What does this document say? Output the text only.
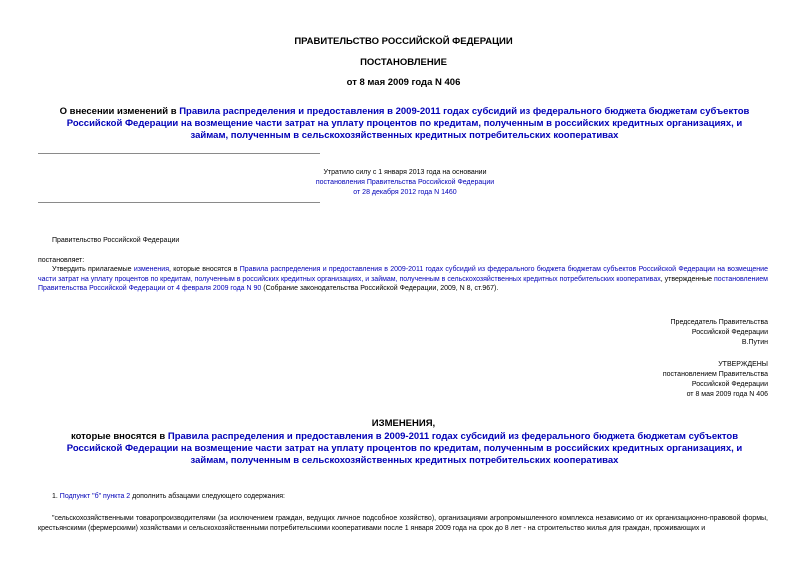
ПРАВИТЕЛЬСТВО РОССИЙСКОЙ ФЕДЕРАЦИИ
ПОСТАНОВЛЕНИЕ
от 8 мая 2009 года N 406
О внесении изменений в Правила распределения и предоставления в 2009-2011 годах субсидий из федерального бюджета бюджетам субъектов Российской Федерации на возмещение части затрат на уплату процентов по кредитам, полученным в российских кредитных организациях, и займам, полученным в сельскохозяйственных кредитных потребительских кооперативах
Утратило силу с 1 января 2013 года на основании
постановления Правительства Российской Федерации
от 28 декабря 2012 года N 1460
Правительство Российской Федерации
постановляет:
Утвердить прилагаемые изменения, которые вносятся в Правила распределения и предоставления в 2009-2011 годах субсидий из федерального бюджета бюджетам субъектов Российской Федерации на возмещение части затрат на уплату процентов по кредитам, полученным в российских кредитных организациях, и займам, полученным в сельскохозяйственных кредитных потребительских кооперативах, утвержденные постановлением Правительства Российской Федерации от 4 февраля 2009 года N 90 (Собрание законодательства Российской Федерации, 2009, N 8, ст.967).
Председатель Правительства
Российской Федерации
В.Путин
УТВЕРЖДЕНЫ
постановлением Правительства
Российской Федерации
от 8 мая 2009 года N 406
ИЗМЕНЕНИЯ,
которые вносятся в Правила распределения и предоставления в 2009-2011 годах субсидий из федерального бюджета бюджетам субъектов Российской Федерации на возмещение части затрат на уплату процентов по кредитам, полученным в российских кредитных организациях, и займам, полученным в сельскохозяйственных кредитных потребительских кооперативах
1. Подпункт "б" пункта 2 дополнить абзацами следующего содержания:
"сельскохозяйственными товаропроизводителями (за исключением граждан, ведущих личное подсобное хозяйство), организациями агропромышленного комплекса независимо от их организационно-правовой формы, крестьянскими (фермерскими) хозяйствами и сельскохозяйственными потребительскими кооперативами после 1 января 2009 года на срок до 8 лет - на строительство жилья для граждан, проживающих и
